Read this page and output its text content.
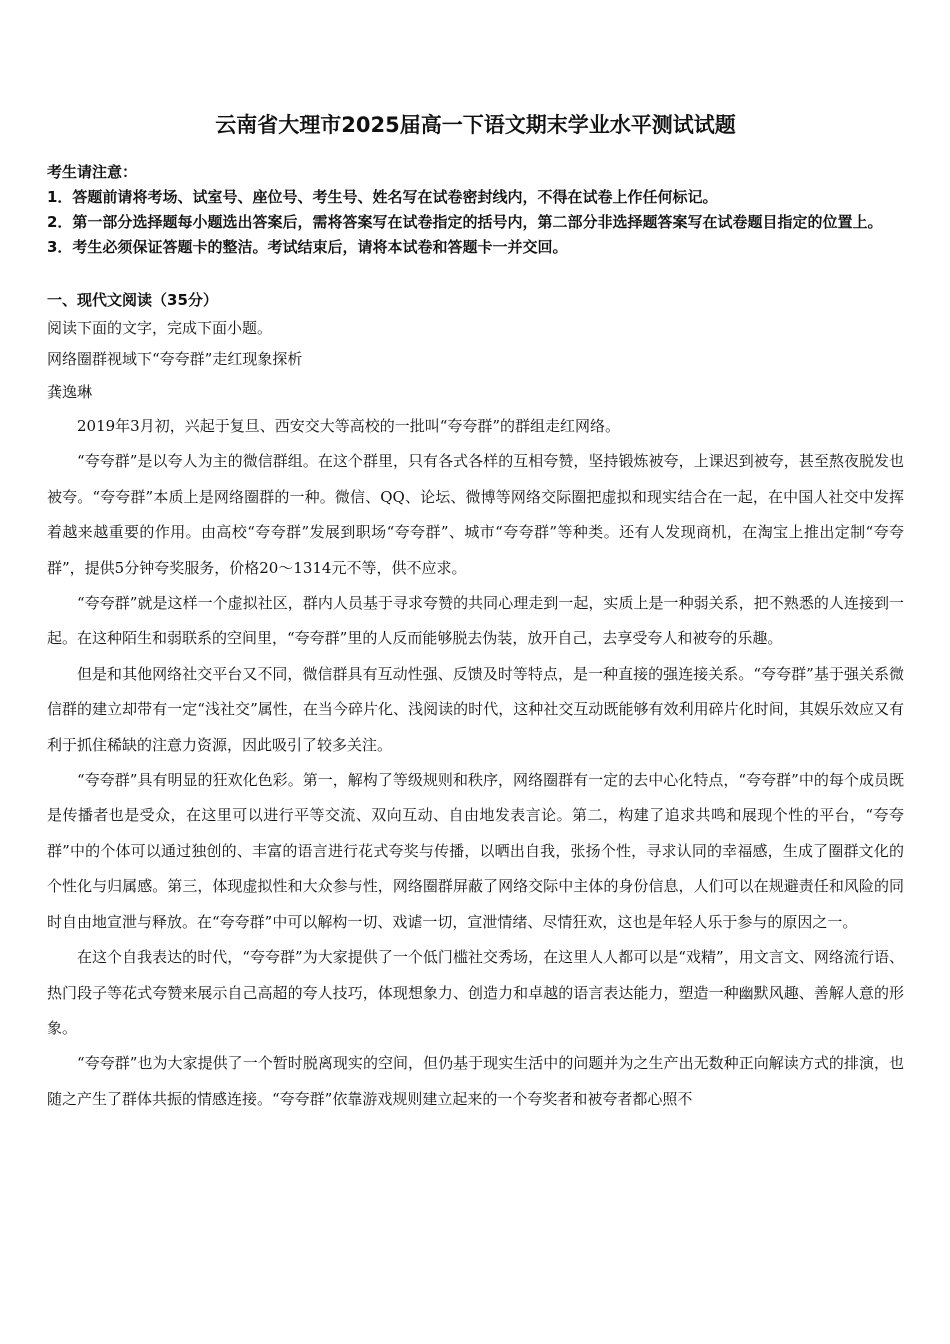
云南省大理市2025届高一下语文期末学业水平测试试题

考生请注意：

1．答题前请将考场、试室号、座位号、考生号、姓名写在试卷密封线内，不得在试卷上作任何标记。

2．第一部分选择题每小题选出答案后，需将答案写在试卷指定的括号内，第二部分非选择题答案写在试卷题目指定的位置上。

3．考生必须保证答题卡的整洁。考试结束后，请将本试卷和答题卡一并交回。

一、现代文阅读（35分）

阅读下面的文字，完成下面小题。

网络圈群视域下“夸夸群”走红现象探析

龚逸琳

2019年3月初，兴起于复旦、西安交大等高校的一批叫“夸夸群”的群组走红网络。

“夸夸群”是以夸人为主的微信群组。在这个群里，只有各式各样的互相夸赞，坚持锻炼被夸，上课迟到被夸，甚至熬夜脱发也被夸。“夸夸群”本质上是网络圈群的一种。微信、QQ、论坛、微博等网络交际圈把虚拟和现实结合在一起，在中国人社交中发挥着越来越重要的作用。由高校“夸夸群”发展到职场“夸夸群”、城市“夸夸群”等种类。还有人发现商机，在淘宝上推出定制“夸夸群”，提供5分钟夸奖服务，价格20～1314元不等，供不应求。

“夸夸群”就是这样一个虚拟社区，群内人员基于寻求夸赞的共同心理走到一起，实质上是一种弱关系，把不熟悉的人连接到一起。在这种陌生和弱联系的空间里，“夸夸群”里的人反而能够脱去伪装，放开自己，去享受夸人和被夸的乐趣。

但是和其他网络社交平台又不同，微信群具有互动性强、反馈及时等特点，是一种直接的强连接关系。“夸夸群”基于强关系微信群的建立却带有一定“浅社交”属性，在当今碎片化、浅阅读的时代，这种社交互动既能够有效利用碎片化时间，其娱乐效应又有利于抓住稀缺的注意力资源，因此吸引了较多关注。

“夸夸群”具有明显的狂欢化色彩。第一，解构了等级规则和秩序，网络圈群有一定的去中心化特点，“夸夸群”中的每个成员既是传播者也是受众，在这里可以进行平等交流、双向互动、自由地发表言论。第二，构建了追求共鸣和展现个性的平台，“夸夸群”中的个体可以通过独创的、丰富的语言进行花式夸奖与传播，以晒出自我，张扬个性，寻求认同的幸福感，生成了圈群文化的个性化与归属感。第三，体现虚拟性和大众参与性，网络圈群屏蔽了网络交际中主体的身份信息，人们可以在规避责任和风险的同时自由地宣泄与释放。在“夸夸群”中可以解构一切、戏谑一切，宣泄情绪、尽情狂欢，这也是年轻人乐于参与的原因之一。

在这个自我表达的时代，“夸夸群”为大家提供了一个低门槛社交秀场，在这里人人都可以是“戏精”，用文言文、网络流行语、热门段子等花式夸赞来展示自己高超的夸人技巧，体现想象力、创造力和卓越的语言表达能力，塑造一种幽默风趣、善解人意的形象。

“夸夸群”也为大家提供了一个暂时脱离现实的空间，但仍基于现实生活中的问题并为之生产出无数种正向解读方式的排演，也随之产生了群体共振的情感连接。“夸夸群”依靠游戏规则建立起来的一个夸奖者和被夸者都心照不
